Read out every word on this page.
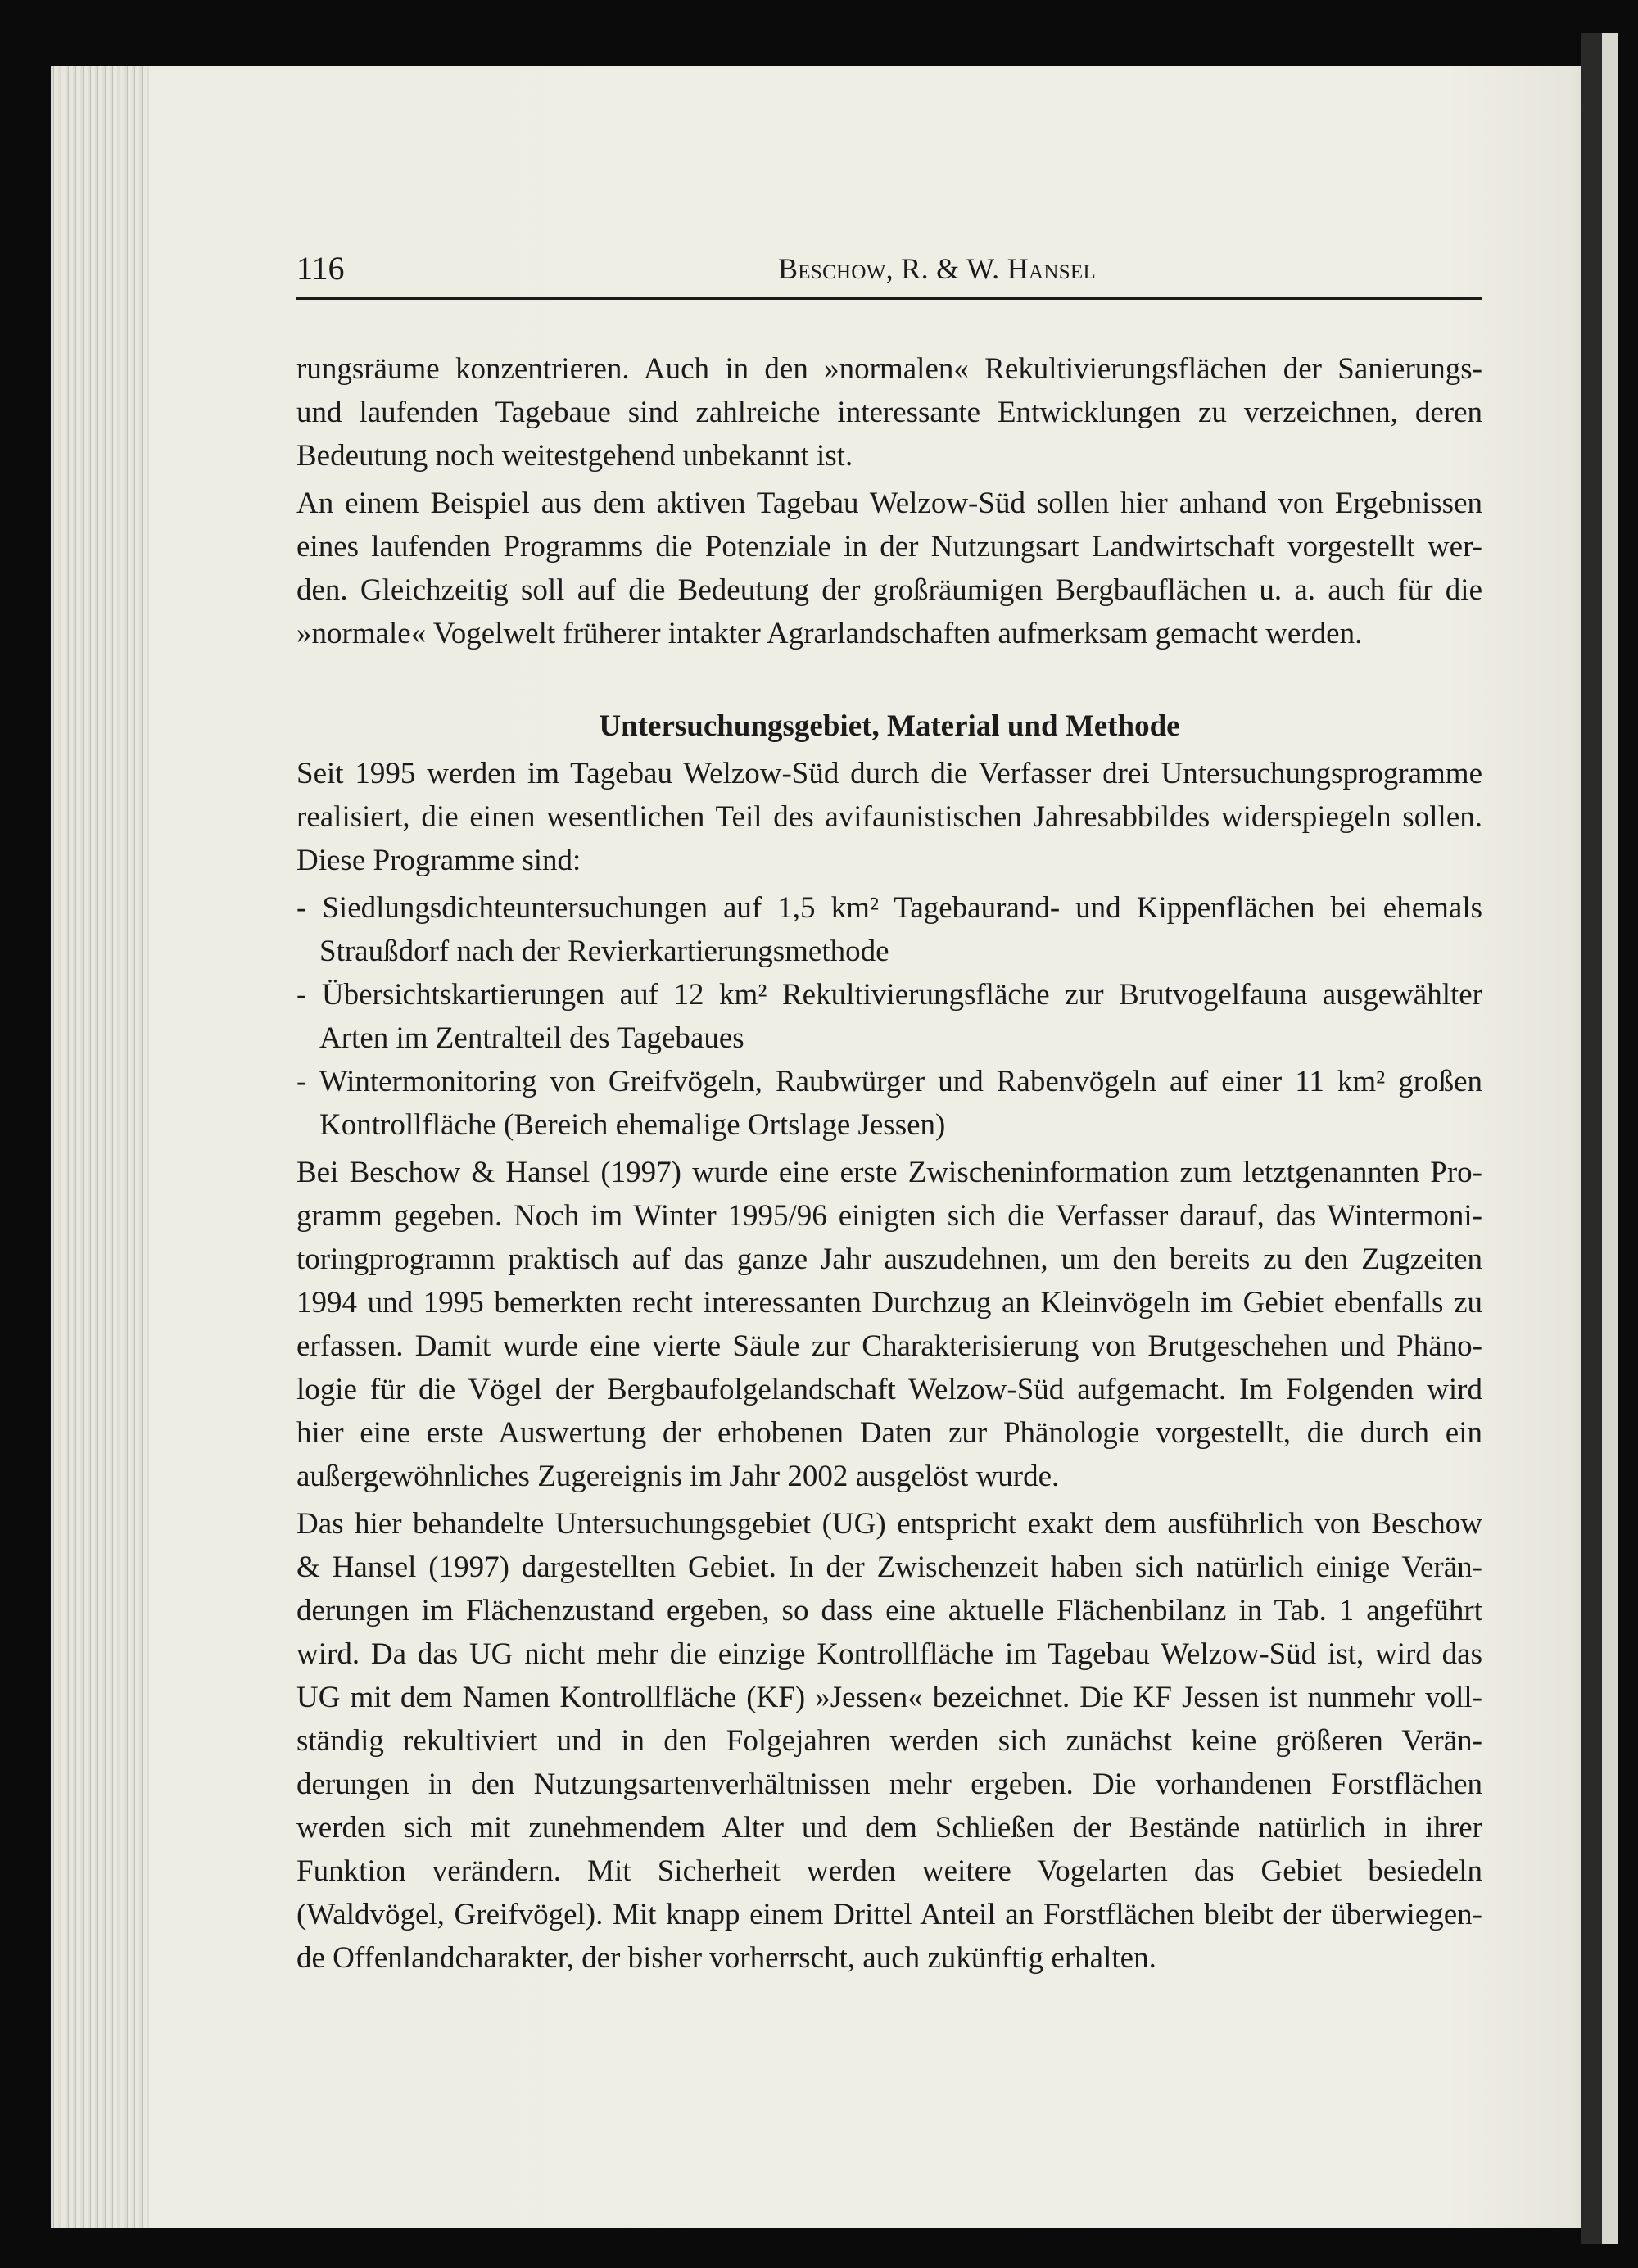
116	Beschow, R. & W. Hansel
rungsräume konzentrieren. Auch in den »normalen« Rekultivierungsflächen der Sanierungs-
und laufenden Tagebaue sind zahlreiche interessante Entwicklungen zu verzeichnen, deren
Bedeutung noch weitestgehend unbekannt ist.
An einem Beispiel aus dem aktiven Tagebau Welzow-Süd sollen hier anhand von Ergebnissen
eines laufenden Programms die Potenziale in der Nutzungsart Landwirtschaft vorgestellt wer-
den. Gleichzeitig soll auf die Bedeutung der großräumigen Bergbauflächen u. a. auch für die
»normale« Vogelwelt früherer intakter Agrarlandschaften aufmerksam gemacht werden.
Untersuchungsgebiet, Material und Methode
Seit 1995 werden im Tagebau Welzow-Süd durch die Verfasser drei Untersuchungsprogramme
realisiert, die einen wesentlichen Teil des avifaunistischen Jahresabbildes widerspiegeln sollen.
Diese Programme sind:
- Siedlungsdichteuntersuchungen auf 1,5 km² Tagebaurand- und Kippenflächen bei ehemals
Straußdorf nach der Revierkartierungsmethode
- Übersichtskartierungen auf 12 km² Rekultivierungsfläche zur Brutvogelfauna ausgewählter
Arten im Zentralteil des Tagebaues
- Wintermonitoring von Greifvögeln, Raubwürger und Rabenvögeln auf einer 11 km² großen
Kontrollfläche (Bereich ehemalige Ortslage Jessen)
Bei Beschow & Hansel (1997) wurde eine erste Zwischeninformation zum letztgenannten Pro-
gramm gegeben. Noch im Winter 1995/96 einigten sich die Verfasser darauf, das Wintermoni-
toringprogramm praktisch auf das ganze Jahr auszudehnen, um den bereits zu den Zugzeiten
1994 und 1995 bemerkten recht interessanten Durchzug an Kleinvögeln im Gebiet ebenfalls zu
erfassen. Damit wurde eine vierte Säule zur Charakterisierung von Brutgeschehen und Phäno-
logie für die Vögel der Bergbaufolgelandschaft Welzow-Süd aufgemacht. Im Folgenden wird
hier eine erste Auswertung der erhobenen Daten zur Phänologie vorgestellt, die durch ein
außergewöhnliches Zugereignis im Jahr 2002 ausgelöst wurde.
Das hier behandelte Untersuchungsgebiet (UG) entspricht exakt dem ausführlich von Beschow
& Hansel (1997) dargestellten Gebiet. In der Zwischenzeit haben sich natürlich einige Verän-
derungen im Flächenzustand ergeben, so dass eine aktuelle Flächenbilanz in Tab. 1 angeführt
wird. Da das UG nicht mehr die einzige Kontrollfläche im Tagebau Welzow-Süd ist, wird das
UG mit dem Namen Kontrollfläche (KF) »Jessen« bezeichnet. Die KF Jessen ist nunmehr voll-
ständig rekultiviert und in den Folgejahren werden sich zunächst keine größeren Verän-
derungen in den Nutzungsartenverhältnissen mehr ergeben. Die vorhandenen Forstflächen
werden sich mit zunehmendem Alter und dem Schließen der Bestände natürlich in ihrer
Funktion verändern. Mit Sicherheit werden weitere Vogelarten das Gebiet besiedeln
(Waldvögel, Greifvögel). Mit knapp einem Drittel Anteil an Forstflächen bleibt der überwiegen-
de Offenlandcharakter, der bisher vorherrscht, auch zukünftig erhalten.
